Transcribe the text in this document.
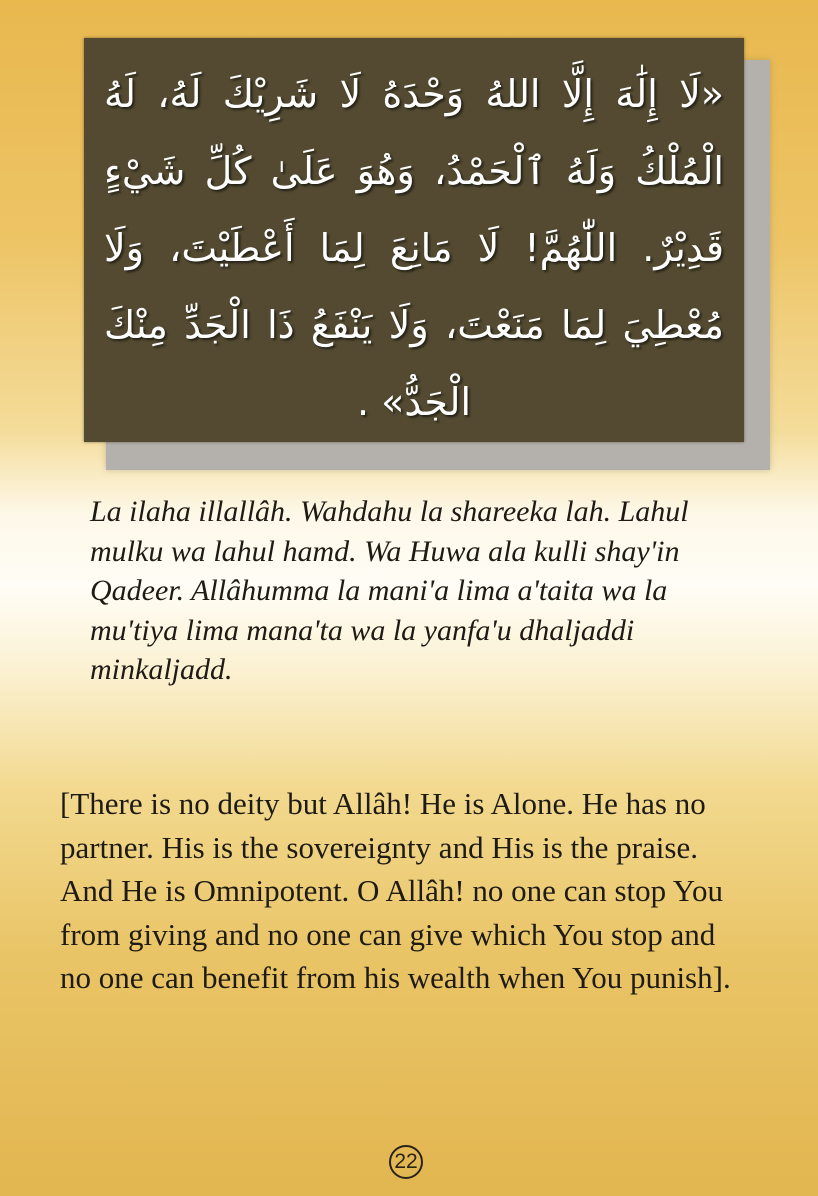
«لَا إِلَٰهَ إِلَّا اللهُ وَحْدَهُ لَا شَرِيْكَ لَهُ، لَهُ الْمُلْكُ وَلَهُ ٱلْحَمْدُ، وَهُوَ عَلَىٰ كُلِّ شَيْءٍ قَدِيْرٌ. اللّٰهُمَّ! لَا مَانِعَ لِمَا أَعْطَيْتَ، وَلَا مُعْطِيَ لِمَا مَنَعْتَ، وَلَا يَنْفَعُ ذَا الْجَدِّ مِنْكَ الْجَدُّ» .

La ilaha illallâh. Wahdahu la shareeka lah. Lahul mulku wa lahul hamd. Wa Huwa ala kulli shay'in Qadeer. Allâhumma la mani'a lima a'taita wa la mu'tiya lima mana'ta wa la yanfa'u dhaljaddi minkaljadd.

[There is no deity but Allâh! He is Alone. He has no partner. His is the sovereignty and His is the praise. And He is Omnipotent. O Allâh! no one can stop You from giving and no one can give which You stop and no one can benefit from his wealth when You punish].

22
